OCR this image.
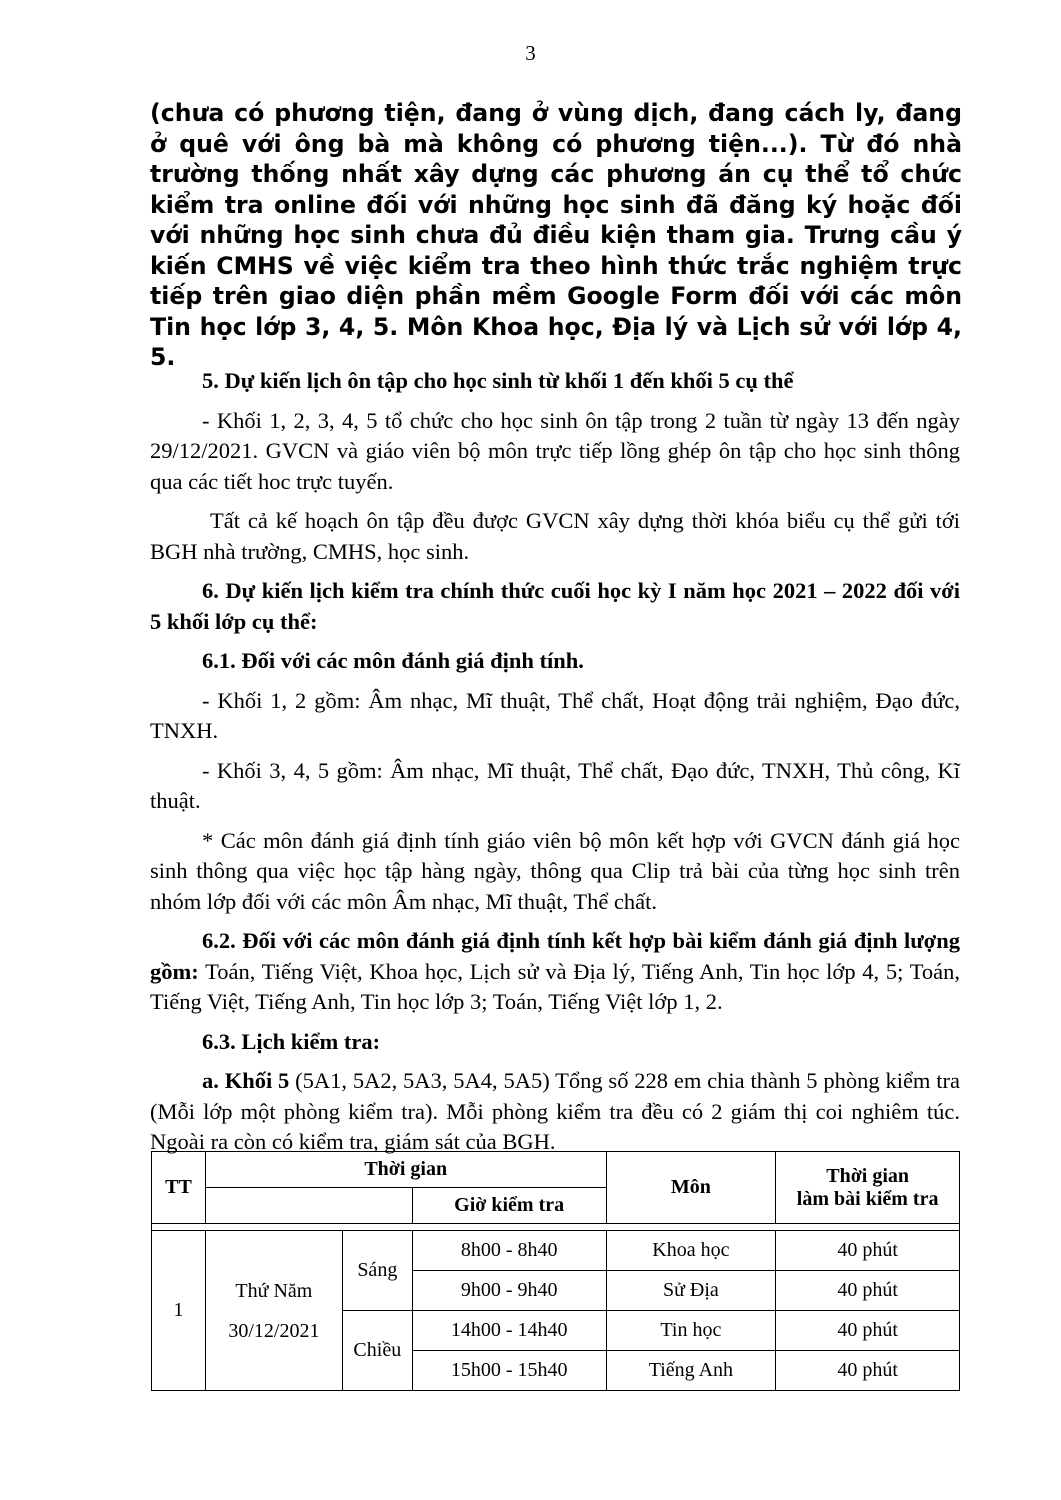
3
(chưa có phương tiện, đang ở vùng dịch, đang cách ly, đang ở quê với ông bà mà không có phương tiện...). Từ đó nhà trường thống nhất xây dựng các phương án cụ thể tổ chức kiểm tra online đối với những học sinh đã đăng ký hoặc đối với những học sinh chưa đủ điều kiện tham gia. Trưng cầu ý kiến CMHS về việc kiểm tra theo hình thức trắc nghiệm trực tiếp trên giao diện phần mềm Google Form đối với các môn Tin học lớp 3, 4, 5. Môn Khoa học, Địa lý và Lịch sử với lớp 4, 5.

5. Dự kiến lịch ôn tập cho học sinh từ khối 1 đến khối 5 cụ thể

- Khối 1, 2, 3, 4, 5 tổ chức cho học sinh ôn tập trong 2 tuần từ ngày 13 đến ngày 29/12/2021. GVCN và giáo viên bộ môn trực tiếp lồng ghép ôn tập cho học sinh thông qua các tiết hoc trực tuyến.

Tất cả kế hoạch ôn tập đều được GVCN xây dựng thời khóa biểu cụ thể gửi tới BGH nhà trường, CMHS, học sinh.

6. Dự kiến lịch kiểm tra chính thức cuối học kỳ I năm học 2021 – 2022 đối với 5 khối lớp cụ thể:

6.1. Đối với các môn đánh giá định tính.

- Khối 1, 2 gồm: Âm nhạc, Mĩ thuật, Thể chất, Hoạt động trải nghiệm, Đạo đức, TNXH.

- Khối 3, 4, 5 gồm: Âm nhạc, Mĩ thuật, Thể chất, Đạo đức, TNXH, Thủ công, Kĩ thuật.

* Các môn đánh giá định tính giáo viên bộ môn kết hợp với GVCN đánh giá học sinh thông qua việc học tập hàng ngày, thông qua Clip trả bài của từng học sinh trên nhóm lớp đối với các môn Âm nhạc, Mĩ thuật, Thể chất.

6.2. Đối với các môn đánh giá định tính kết hợp bài kiểm đánh giá định lượng gồm: Toán, Tiếng Việt, Khoa học, Lịch sử và Địa lý, Tiếng Anh, Tin học lớp 4, 5; Toán, Tiếng Việt, Tiếng Anh, Tin học lớp 3; Toán, Tiếng Việt lớp 1, 2.

6.3. Lịch kiểm tra:

a. Khối 5 (5A1, 5A2, 5A3, 5A4, 5A5) Tổng số 228 em chia thành 5 phòng kiểm tra (Mỗi lớp một phòng kiểm tra). Mỗi phòng kiểm tra đều có 2 giám thị coi nghiêm túc. Ngoài ra còn có kiểm tra, giám sát của BGH.

TT	Thời gian			Môn	Thời gian
làm bài kiểm tra

			Giờ kiểm tra		

1	Thứ Năm
30/12/2021	Sáng	8h00 - 8h40	Khoa học	40 phút
			9h00 - 9h40	Sử Địa	40 phút
		Chiều	14h00 - 14h40	Tin học	40 phút
			15h00 - 15h40	Tiếng Anh	40 phút
